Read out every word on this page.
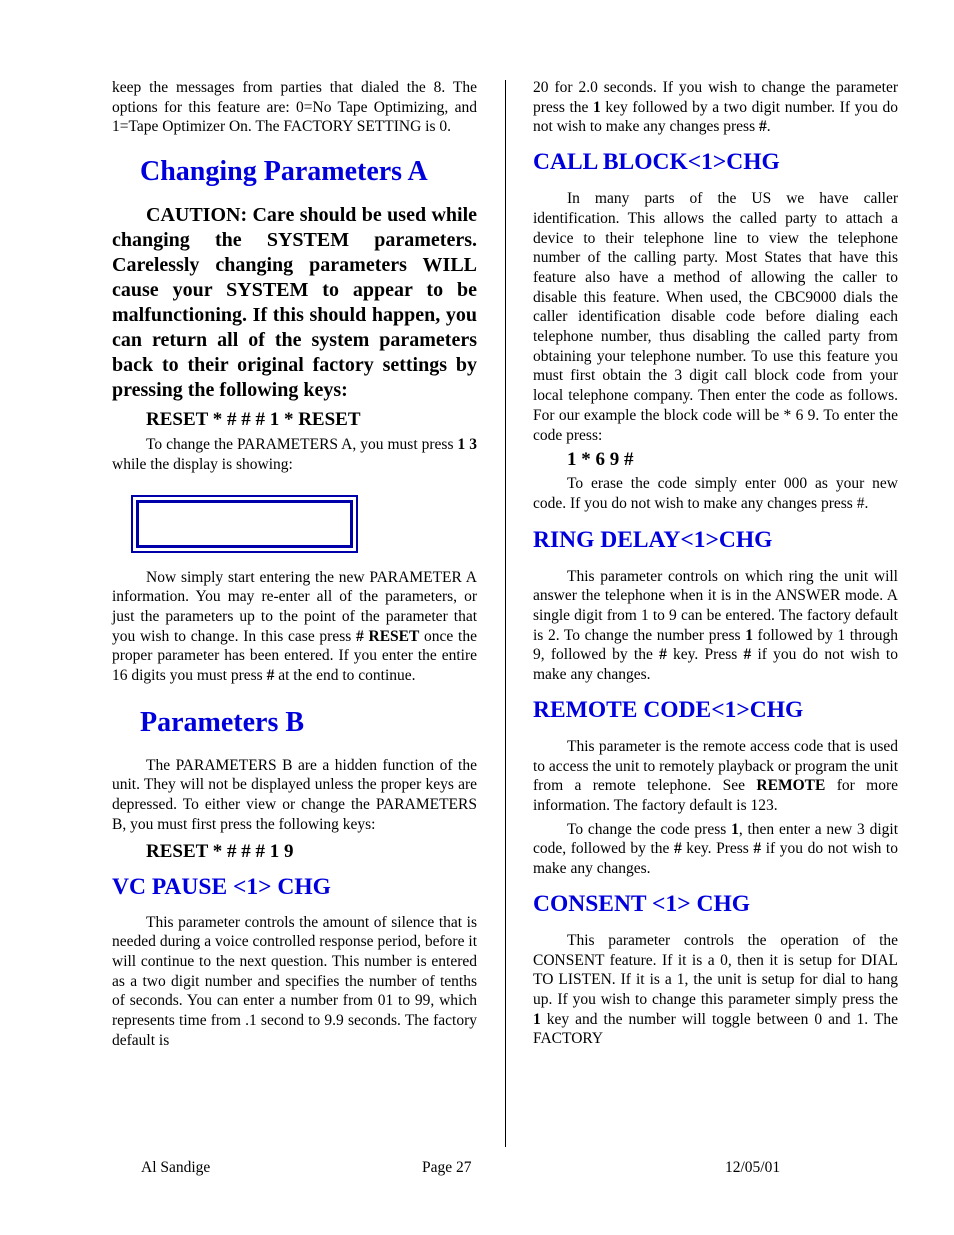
keep the messages from parties that dialed the 8. The options for this feature are: 0=No Tape Optimizing, and 1=Tape Optimizer On. The FACTORY SETTING is 0.

Changing Parameters A

CAUTION: Care should be used while changing the SYSTEM parameters. Carelessly changing parameters WILL cause your SYSTEM to appear to be malfunctioning. If this should happen, you can return all of the system parameters back to their original factory settings by pressing the following keys:

RESET * # # # 1 * RESET

To change the PARAMETERS A, you must press 1 3 while the display is showing:

Now simply start entering the new PARAMETER A information. You may re-enter all of the parameters, or just the parameters up to the point of the parameter that you wish to change. In this case press # RESET once the proper parameter has been entered. If you enter the entire 16 digits you must press # at the end to continue.

Parameters B

The PARAMETERS B are a hidden function of the unit. They will not be displayed unless the proper keys are depressed. To either view or change the PARAMETERS B, you must first press the following keys:

RESET * # # # 1 9

VC PAUSE <1> CHG

This parameter controls the amount of silence that is needed during a voice controlled response period, before it will continue to the next question. This number is entered as a two digit number and specifies the number of tenths of seconds. You can enter a number from 01 to 99, which represents time from .1 second to 9.9 seconds. The factory default is

20 for 2.0 seconds. If you wish to change the parameter press the 1 key followed by a two digit number. If you do not wish to make any changes press #.

CALL BLOCK<1>CHG

In many parts of the US we have caller identification. This allows the called party to attach a device to their telephone line to view the telephone number of the calling party. Most States that have this feature also have a method of allowing the caller to disable this feature. When used, the CBC9000 dials the caller identification disable code before dialing each telephone number, thus disabling the called party from obtaining your telephone number. To use this feature you must first obtain the 3 digit call block code from your local telephone company. Then enter the code as follows. For our example the block code will be * 6 9. To enter the code press:

1 * 6 9 #

To erase the code simply enter 000 as your new code. If you do not wish to make any changes press #.

RING DELAY<1>CHG

This parameter controls on which ring the unit will answer the telephone when it is in the ANSWER mode. A single digit from 1 to 9 can be entered. The factory default is 2. To change the number press 1 followed by 1 through 9, followed by the # key. Press # if you do not wish to make any changes.

REMOTE CODE<1>CHG

This parameter is the remote access code that is used to access the unit to remotely playback or program the unit from a remote telephone. See REMOTE for more information. The factory default is 123.

To change the code press 1, then enter a new 3 digit code, followed by the # key. Press # if you do not wish to make any changes.

CONSENT <1> CHG

This parameter controls the operation of the CONSENT feature. If it is a 0, then it is setup for DIAL TO LISTEN. If it is a 1, the unit is setup for dial to hang up. If you wish to change this parameter simply press the 1 key and the number will toggle between 0 and 1. The FACTORY

Al Sandige	Page 27	12/05/01
